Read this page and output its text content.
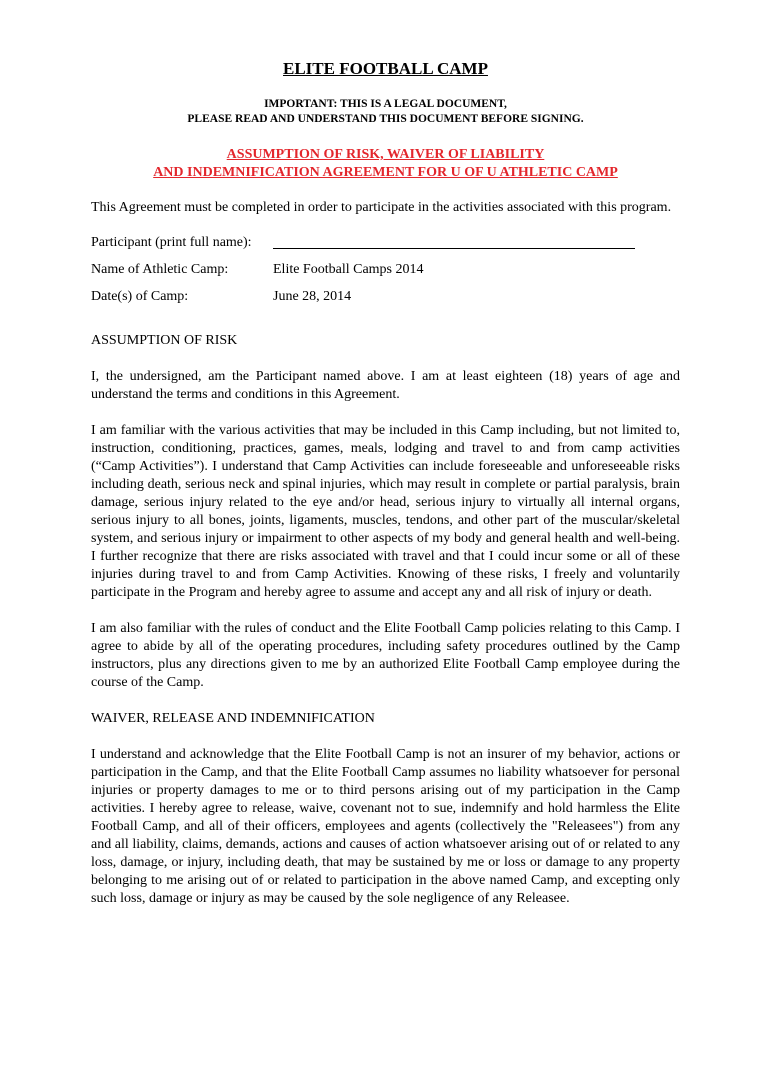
ELITE FOOTBALL CAMP
IMPORTANT: THIS IS A LEGAL DOCUMENT,
PLEASE READ AND UNDERSTAND THIS DOCUMENT BEFORE SIGNING.
ASSUMPTION OF RISK, WAIVER OF LIABILITY
AND INDEMNIFICATION AGREEMENT FOR U OF U ATHLETIC CAMP
This Agreement must be completed in order to participate in the activities associated with this program.
Participant (print full name):
Name of Athletic Camp:	Elite Football Camps 2014
Date(s) of Camp:	June 28, 2014
ASSUMPTION OF RISK
I, the undersigned, am the Participant named above. I am at least eighteen (18) years of age and understand the terms and conditions in this Agreement.
I am familiar with the various activities that may be included in this Camp including, but not limited to, instruction, conditioning, practices, games, meals, lodging and travel to and from camp activities (“Camp Activities”). I understand that Camp Activities can include foreseeable and unforeseeable risks including death, serious neck and spinal injuries, which may result in complete or partial paralysis, brain damage, serious injury related to the eye and/or head, serious injury to virtually all internal organs, serious injury to all bones, joints, ligaments, muscles, tendons, and other part of the muscular/skeletal system, and serious injury or impairment to other aspects of my body and general health and well-being. I further recognize that there are risks associated with travel and that I could incur some or all of these injuries during travel to and from Camp Activities. Knowing of these risks, I freely and voluntarily participate in the Program and hereby agree to assume and accept any and all risk of injury or death.
I am also familiar with the rules of conduct and the Elite Football Camp policies relating to this Camp. I agree to abide by all of the operating procedures, including safety procedures outlined by the Camp instructors, plus any directions given to me by an authorized Elite Football Camp employee during the course of the Camp.
WAIVER, RELEASE AND INDEMNIFICATION
I understand and acknowledge that the Elite Football Camp is not an insurer of my behavior, actions or participation in the Camp, and that the Elite Football Camp assumes no liability whatsoever for personal injuries or property damages to me or to third persons arising out of my participation in the Camp activities. I hereby agree to release, waive, covenant not to sue, indemnify and hold harmless the Elite Football Camp, and all of their officers, employees and agents (collectively the "Releasees") from any and all liability, claims, demands, actions and causes of action whatsoever arising out of or related to any loss, damage, or injury, including death, that may be sustained by me or loss or damage to any property belonging to me arising out of or related to participation in the above named Camp, and excepting only such loss, damage or injury as may be caused by the sole negligence of any Releasee.
